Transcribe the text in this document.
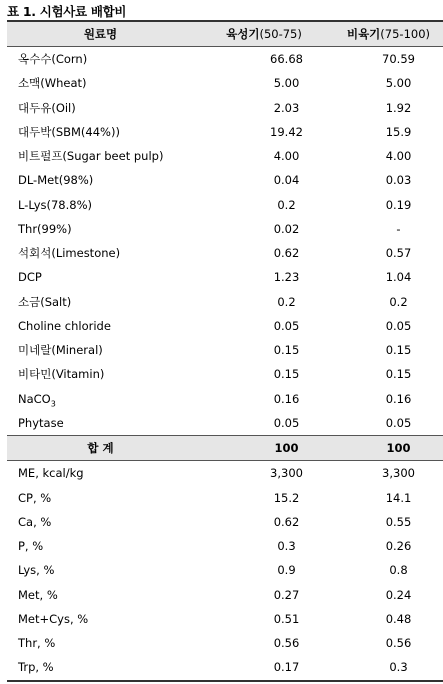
표 1. 시험사료 배합비
원료명	육성기(50-75)	비육기(75-100)
옥수수(Corn)	66.68	70.59
소맥(Wheat)	5.00	5.00
대두유(Oil)	2.03	1.92
대두박(SBM(44%))	19.42	15.9
비트펄프(Sugar beet pulp)	4.00	4.00
DL-Met(98%)	0.04	0.03
L-Lys(78.8%)	0.2	0.19
Thr(99%)	0.02	-
석회석(Limestone)	0.62	0.57
DCP	1.23	1.04
소금(Salt)	0.2	0.2
Choline chloride	0.05	0.05
미네랄(Mineral)	0.15	0.15
비타민(Vitamin)	0.15	0.15
NaCO$_3$	0.16	0.16
Phytase	0.05	0.05
합 계	100	100
ME, kcal/kg	3,300	3,300
CP, %	15.2	14.1
Ca, %	0.62	0.55
P, %	0.3	0.26
Lys, %	0.9	0.8
Met, %	0.27	0.24
Met+Cys, %	0.51	0.48
Thr, %	0.56	0.56
Trp, %	0.17	0.3
